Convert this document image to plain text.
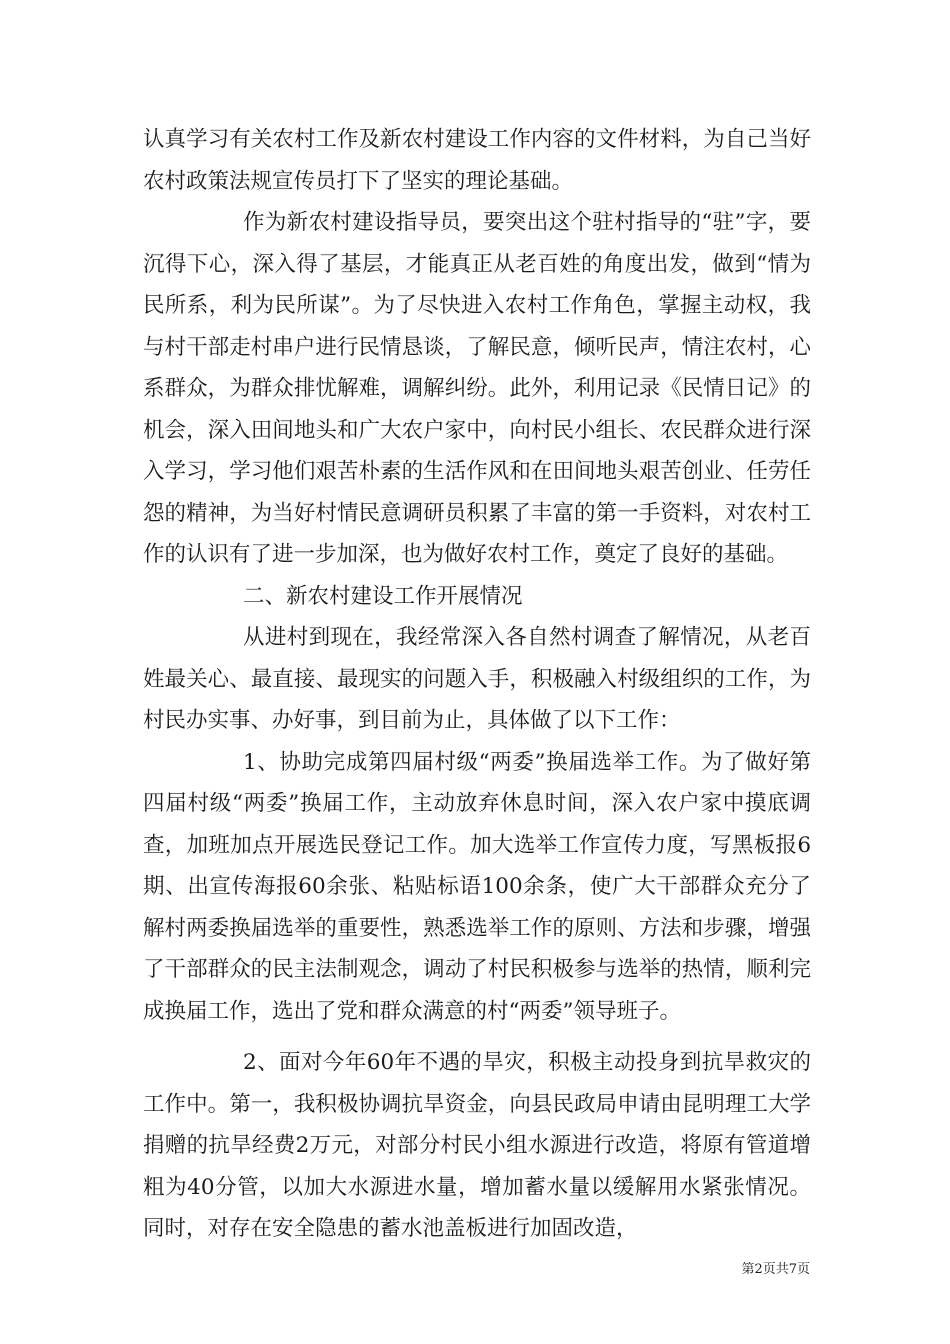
认真学习有关农村工作及新农村建设工作内容的文件材料，为自己当好农村政策法规宣传员打下了坚实的理论基础。

作为新农村建设指导员，要突出这个驻村指导的“驻”字，要沉得下心，深入得了基层，才能真正从老百姓的角度出发，做到“情为民所系，利为民所谋”。为了尽快进入农村工作角色，掌握主动权，我与村干部走村串户进行民情恳谈，了解民意，倾听民声，情注农村，心系群众，为群众排忧解难，调解纠纷。此外，利用记录《民情日记》的机会，深入田间地头和广大农户家中，向村民小组长、农民群众进行深入学习，学习他们艰苦朴素的生活作风和在田间地头艰苦创业、任劳任怨的精神，为当好村情民意调研员积累了丰富的第一手资料，对农村工作的认识有了进一步加深，也为做好农村工作，奠定了良好的基础。

二、新农村建设工作开展情况

从进村到现在，我经常深入各自然村调查了解情况，从老百姓最关心、最直接、最现实的问题入手，积极融入村级组织的工作，为村民办实事、办好事，到目前为止，具体做了以下工作：

1、协助完成第四届村级“两委”换届选举工作。为了做好第四届村级“两委”换届工作，主动放弃休息时间，深入农户家中摸底调查，加班加点开展选民登记工作。加大选举工作宣传力度，写黑板报6期、出宣传海报60余张、粘贴标语100余条，使广大干部群众充分了解村两委换届选举的重要性，熟悉选举工作的原则、方法和步骤，增强了干部群众的民主法制观念，调动了村民积极参与选举的热情，顺利完成换届工作，选出了党和群众满意的村“两委”领导班子。

2、面对今年60年不遇的旱灾，积极主动投身到抗旱救灾的工作中。第一，我积极协调抗旱资金，向县民政局申请由昆明理工大学捐赠的抗旱经费2万元，对部分村民小组水源进行改造，将原有管道增粗为40分管，以加大水源进水量，增加蓄水量以缓解用水紧张情况。同时，对存在安全隐患的蓄水池盖板进行加固改造，

第2页共7页
